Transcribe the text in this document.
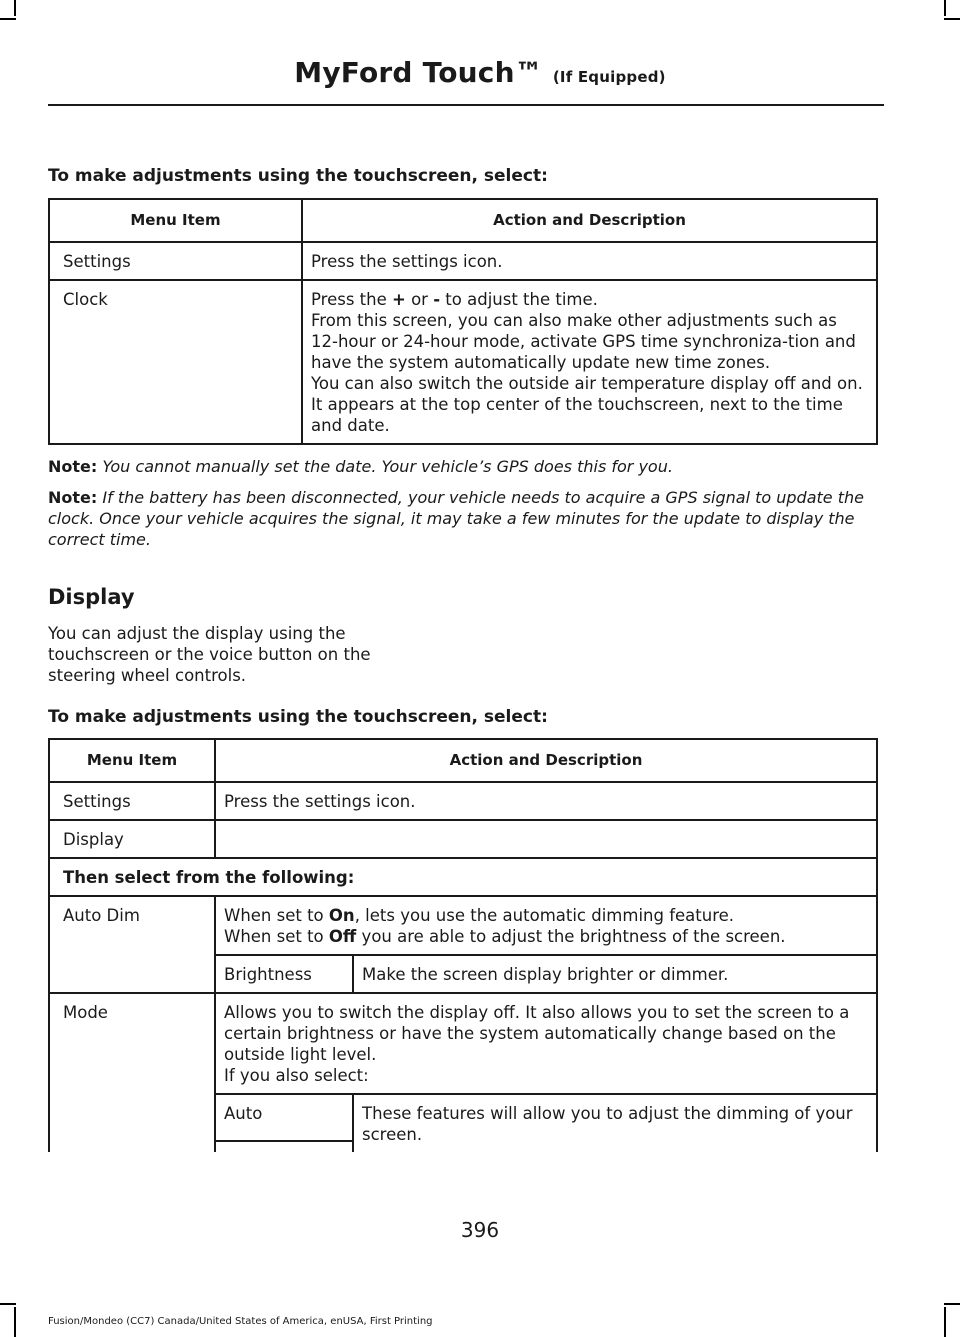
MyFord Touch™ (If Equipped)
To make adjustments using the touchscreen, select:
Menu Item	Action and Description
Settings	Press the settings icon.
Clock	Press the + or - to adjust the time.
From this screen, you can also make other adjustments such as 12-hour or 24-hour mode, activate GPS time synchroniza-tion and have the system automatically update new time zones.
You can also switch the outside air temperature display off and on. It appears at the top center of the touchscreen, next to the time and date.
Note: You cannot manually set the date. Your vehicle’s GPS does this for you.
Note: If the battery has been disconnected, your vehicle needs to acquire a GPS signal to update the clock. Once your vehicle acquires the signal, it may take a few minutes for the update to display the correct time.
Display
You can adjust the display using the touchscreen or the voice button on the steering wheel controls.
To make adjustments using the touchscreen, select:
Menu Item	Action and Description	
Settings	Press the settings icon.	
Display		
Then select from the following:		
Auto Dim	When set to On, lets you use the automatic dimming feature.
When set to Off you are able to adjust the brightness of the screen.	

	Brightness	Make the screen display brighter or dimmer.
Mode	Allows you to switch the display off. It also allows you to set the screen to a certain brightness or have the system automatically change based on the outside light level.
If you also select:	

	Auto	These features will allow you to adjust the dimming of your screen.

396
Fusion/Mondeo (CC7) Canada/United States of America, enUSA, First Printing
